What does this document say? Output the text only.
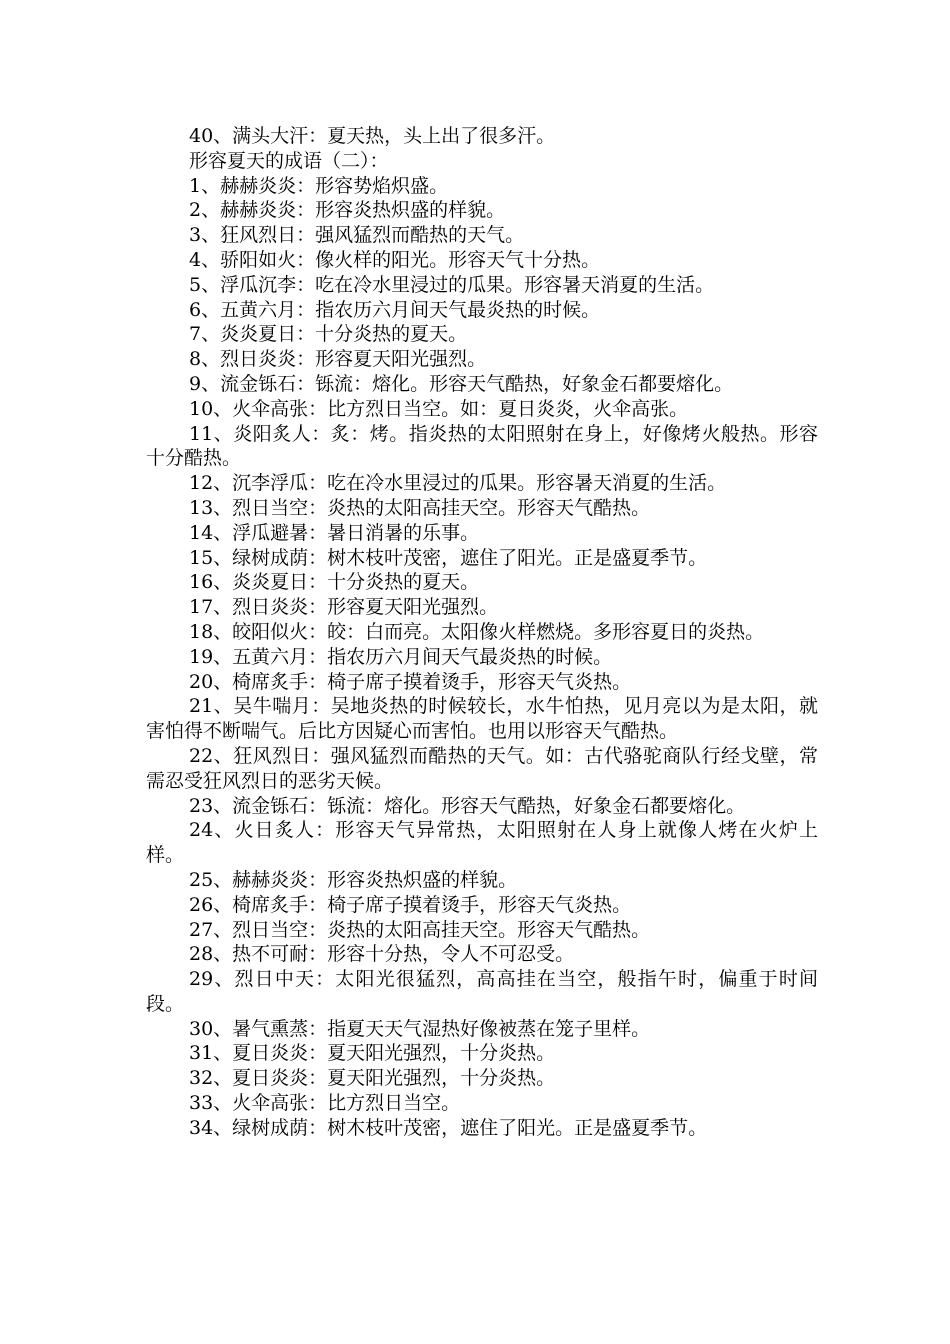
40、满头大汗：夏天热，头上出了很多汗。

形容夏天的成语（二）：

1、赫赫炎炎：形容势焰炽盛。

2、赫赫炎炎：形容炎热炽盛的样貌。

3、狂风烈日：强风猛烈而酷热的天气。

4、骄阳如火：像火样的阳光。形容天气十分热。

5、浮瓜沉李：吃在冷水里浸过的瓜果。形容暑天消夏的生活。

6、五黄六月：指农历六月间天气最炎热的时候。

7、炎炎夏日：十分炎热的夏天。

8、烈日炎炎：形容夏天阳光强烈。

9、流金铄石：铄流：熔化。形容天气酷热，好象金石都要熔化。

10、火伞高张：比方烈日当空。如：夏日炎炎，火伞高张。

11、炎阳炙人：炙：烤。指炎热的太阳照射在身上，好像烤火般热。形容十分酷热。

12、沉李浮瓜：吃在冷水里浸过的瓜果。形容暑天消夏的生活。

13、烈日当空：炎热的太阳高挂天空。形容天气酷热。

14、浮瓜避暑：暑日消暑的乐事。

15、绿树成荫：树木枝叶茂密，遮住了阳光。正是盛夏季节。

16、炎炎夏日：十分炎热的夏天。

17、烈日炎炎：形容夏天阳光强烈。

18、皎阳似火：皎：白而亮。太阳像火样燃烧。多形容夏日的炎热。

19、五黄六月：指农历六月间天气最炎热的时候。

20、椅席炙手：椅子席子摸着烫手，形容天气炎热。

21、吴牛喘月：吴地炎热的时候较长，水牛怕热，见月亮以为是太阳，就害怕得不断喘气。后比方因疑心而害怕。也用以形容天气酷热。

22、狂风烈日：强风猛烈而酷热的天气。如：古代骆驼商队行经戈壁，常需忍受狂风烈日的恶劣天候。

23、流金铄石：铄流：熔化。形容天气酷热，好象金石都要熔化。

24、火日炙人：形容天气异常热，太阳照射在人身上就像人烤在火炉上样。

25、赫赫炎炎：形容炎热炽盛的样貌。

26、椅席炙手：椅子席子摸着烫手，形容天气炎热。

27、烈日当空：炎热的太阳高挂天空。形容天气酷热。

28、热不可耐：形容十分热，令人不可忍受。

29、烈日中天：太阳光很猛烈，高高挂在当空，般指午时，偏重于时间段。

30、暑气熏蒸：指夏天天气湿热好像被蒸在笼子里样。

31、夏日炎炎：夏天阳光强烈，十分炎热。

32、夏日炎炎：夏天阳光强烈，十分炎热。

33、火伞高张：比方烈日当空。

34、绿树成荫：树木枝叶茂密，遮住了阳光。正是盛夏季节。
